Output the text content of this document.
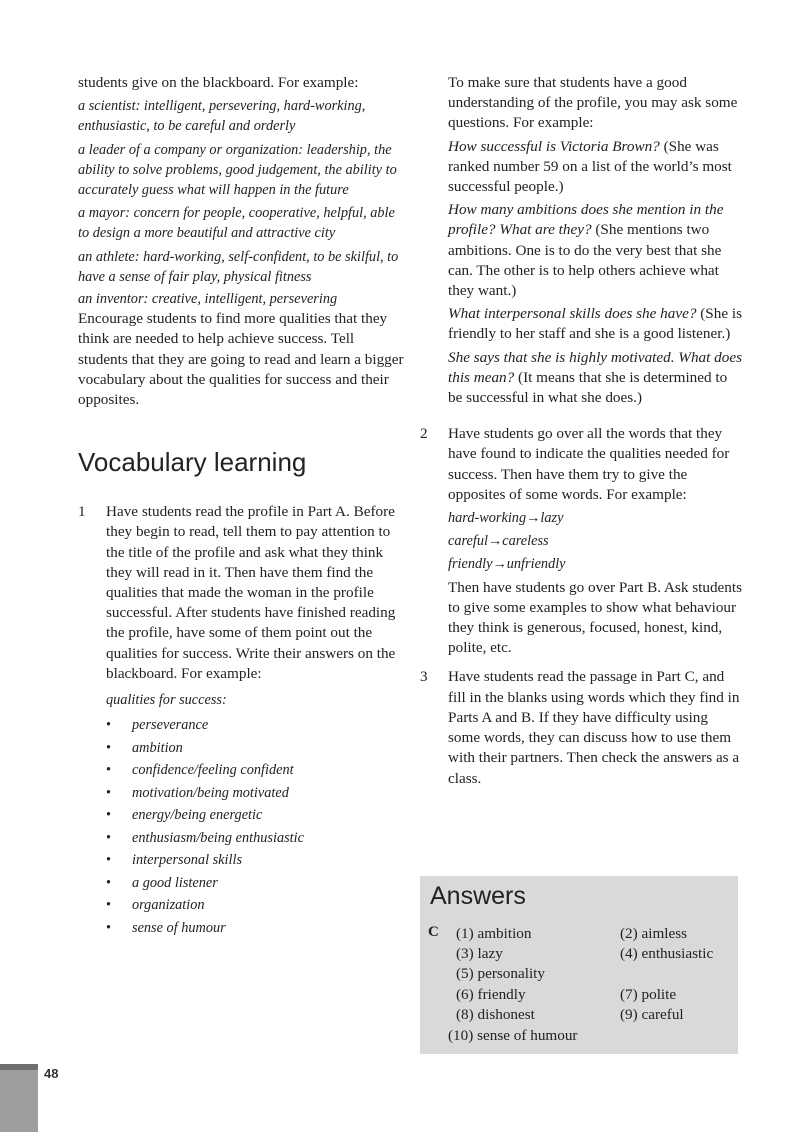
students give on the blackboard. For example:

a scientist: intelligent, persevering, hard-working, enthusiastic, to be careful and orderly

a leader of a company or organization: leadership, the ability to solve problems, good judgement, the ability to accurately guess what will happen in the future

a mayor: concern for people, cooperative, helpful, able to design a more beautiful and attractive city

an athlete: hard-working, self-confident, to be skilful, to have a sense of fair play, physical fitness

an inventor: creative, intelligent, persevering

Encourage students to find more qualities that they think are needed to help achieve success. Tell students that they are going to read and learn a bigger vocabulary about the qualities for success and their opposites.

Vocabulary learning
1	Have students read the profile in Part A. Before they begin to read, tell them to pay attention to the title of the profile and ask what they think they will read in it. Then have them find the qualities that made the woman in the profile successful. After students have finished reading the profile, have some of them point out the qualities for success. Write their answers on the blackboard. For example:

qualities for success:

•	perseverance
•	ambition
•	confidence/feeling confident
•	motivation/being motivated
•	energy/being energetic
•	enthusiasm/being enthusiastic
•	interpersonal skills
•	a good listener
•	organization
•	sense of humour

To make sure that students have a good understanding of the profile, you may ask some questions. For example:

How successful is Victoria Brown? (She was ranked number 59 on a list of the world’s most successful people.)

How many ambitions does she mention in the profile? What are they? (She mentions two ambitions. One is to do the very best that she can. The other is to help others achieve what they want.)

What interpersonal skills does she have? (She is friendly to her staff and she is a good listener.)

She says that she is highly motivated. What does this mean? (It means that she is determined to be successful in what she does.)

2	Have students go over all the words that they have found to indicate the qualities needed for success. Then have them try to give the opposites of some words. For example:

hard-working→lazy

careful→careless

friendly→unfriendly

Then have students go over Part B. Ask students to give some examples to show what behaviour they think is generous, focused, honest, kind, polite, etc.

3	Have students read the passage in Part C, and fill in the blanks using words which they find in Parts A and B. If they have difficulty using some words, they can discuss how to use them with their partners. Then check the answers as a class.

Answers
C (1) ambition	(2) aimless
(3) lazy	(4) enthusiastic
(5) personality
(6) friendly	(7) polite
(8) dishonest	(9) careful
(10) sense of humour
48
